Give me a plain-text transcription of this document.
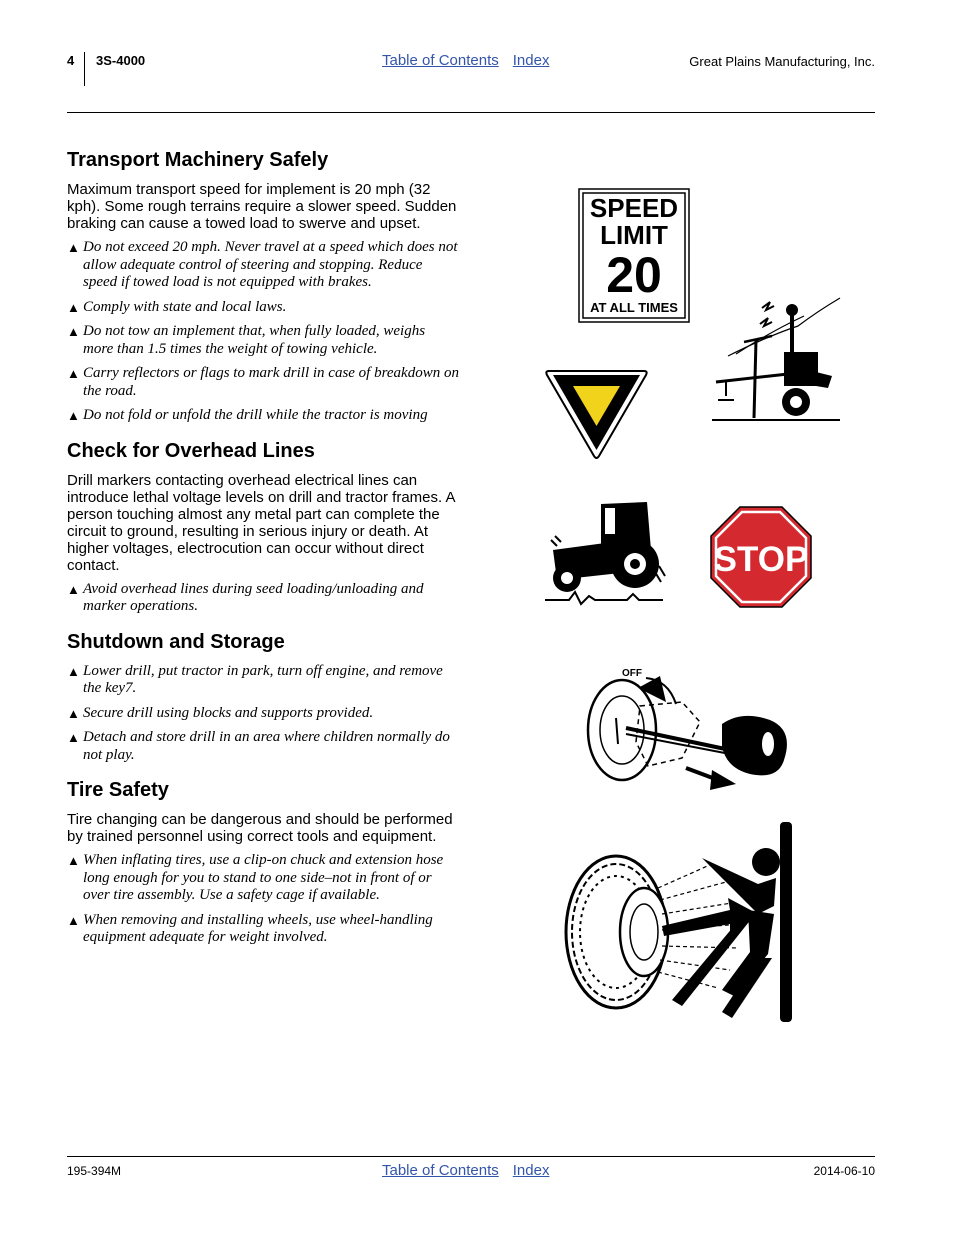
4 3S-4000	Table of Contents Index	Great Plains Manufacturing, Inc.
Transport Machinery Safely

Maximum transport speed for implement is 20 mph (32 kph). Some rough terrains require a slower speed. Sudden braking can cause a towed load to swerve and upset.

▲ Do not exceed 20 mph. Never travel at a speed which does not allow adequate control of steering and stopping. Reduce speed if towed load is not equipped with brakes.
▲ Comply with state and local laws.
▲ Do not tow an implement that, when fully loaded, weighs more than 1.5 times the weight of towing vehicle.
▲ Carry reflectors or flags to mark drill in case of breakdown on the road.
▲ Do not fold or unfold the drill while the tractor is moving
Check for Overhead Lines

Drill markers contacting overhead electrical lines can introduce lethal voltage levels on drill and tractor frames. A person touching almost any metal part can complete the circuit to ground, resulting in serious injury or death. At higher voltages, electrocution can occur without direct contact.

▲ Avoid overhead lines during seed loading/unloading and marker operations.
Shutdown and Storage
▲ Lower drill, put tractor in park, turn off engine, and remove the key7.
▲ Secure drill using blocks and supports provided.
▲ Detach and store drill in an area where children normally do not play.
Tire Safety

Tire changing can be dangerous and should be performed by trained personnel using correct tools and equipment.

▲ When inflating tires, use a clip-on chuck and extension hose long enough for you to stand to one side–not in front of or over tire assembly. Use a safety cage if available.
▲ When removing and installing wheels, use wheel-handling equipment adequate for weight involved.
SPEED
LIMIT
20
AT ALL TIMES
STOP
OFF
195-394M	Table of Contents Index	2014-06-10
